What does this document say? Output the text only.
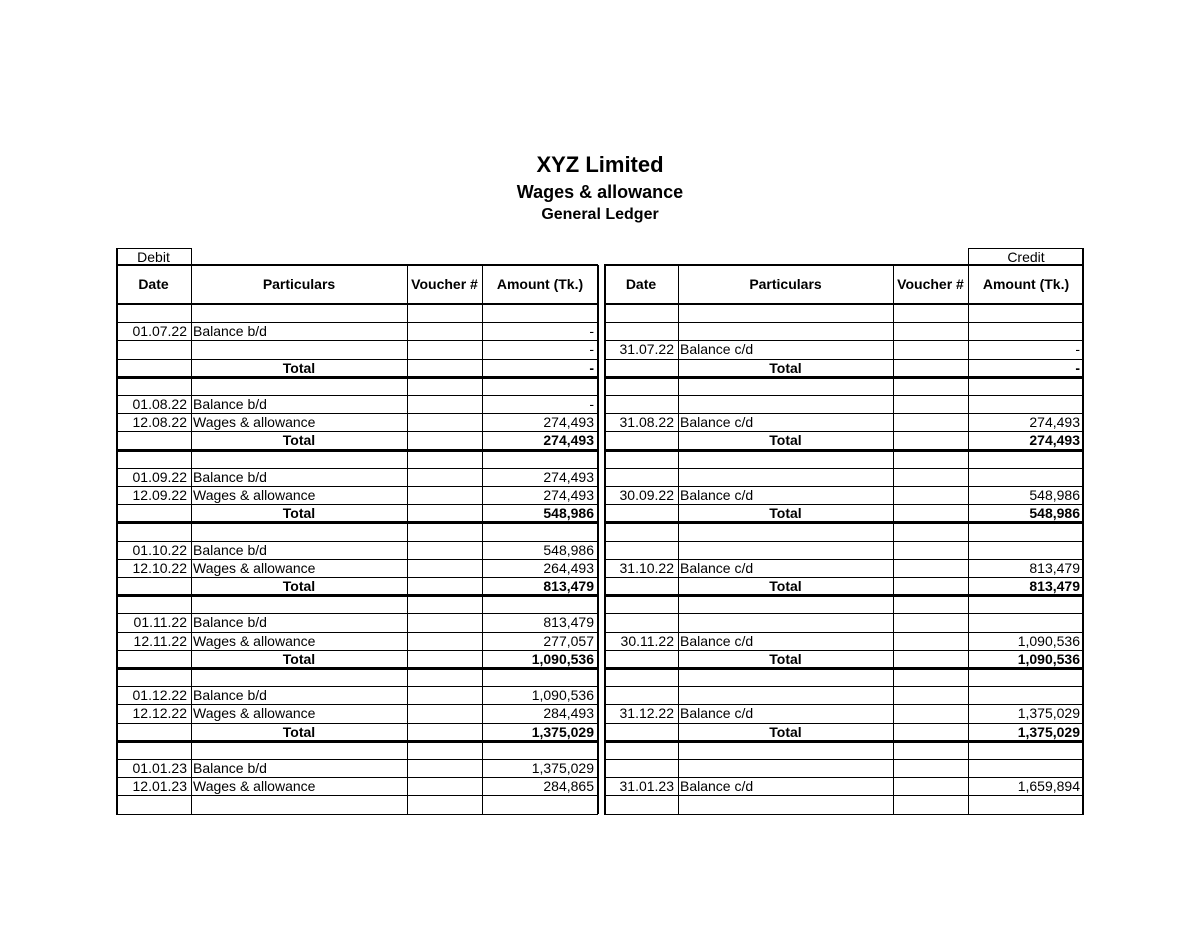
XYZ Limited
Wages & allowance
General Ledger
Debit	Credit
Date	Particulars	Voucher #	Amount (Tk.)	Date	Particulars	Voucher #	Amount (Tk.)
01.07.22 Balance b/d	-
-	31.07.22 Balance c/d	-
Total	-	Total	-
01.08.22 Balance b/d	-
12.08.22 Wages & allowance	274,493	31.08.22 Balance c/d	274,493
Total	274,493	Total	274,493
01.09.22 Balance b/d	274,493
12.09.22 Wages & allowance	274,493	30.09.22 Balance c/d	548,986
Total	548,986	Total	548,986
01.10.22 Balance b/d	548,986
12.10.22 Wages & allowance	264,493	31.10.22 Balance c/d	813,479
Total	813,479	Total	813,479
01.11.22 Balance b/d	813,479
12.11.22 Wages & allowance	277,057	30.11.22 Balance c/d	1,090,536
Total	1,090,536	Total	1,090,536
01.12.22 Balance b/d	1,090,536
12.12.22 Wages & allowance	284,493	31.12.22 Balance c/d	1,375,029
Total	1,375,029	Total	1,375,029
01.01.23 Balance b/d	1,375,029
12.01.23 Wages & allowance	284,865	31.01.23 Balance c/d	1,659,894
